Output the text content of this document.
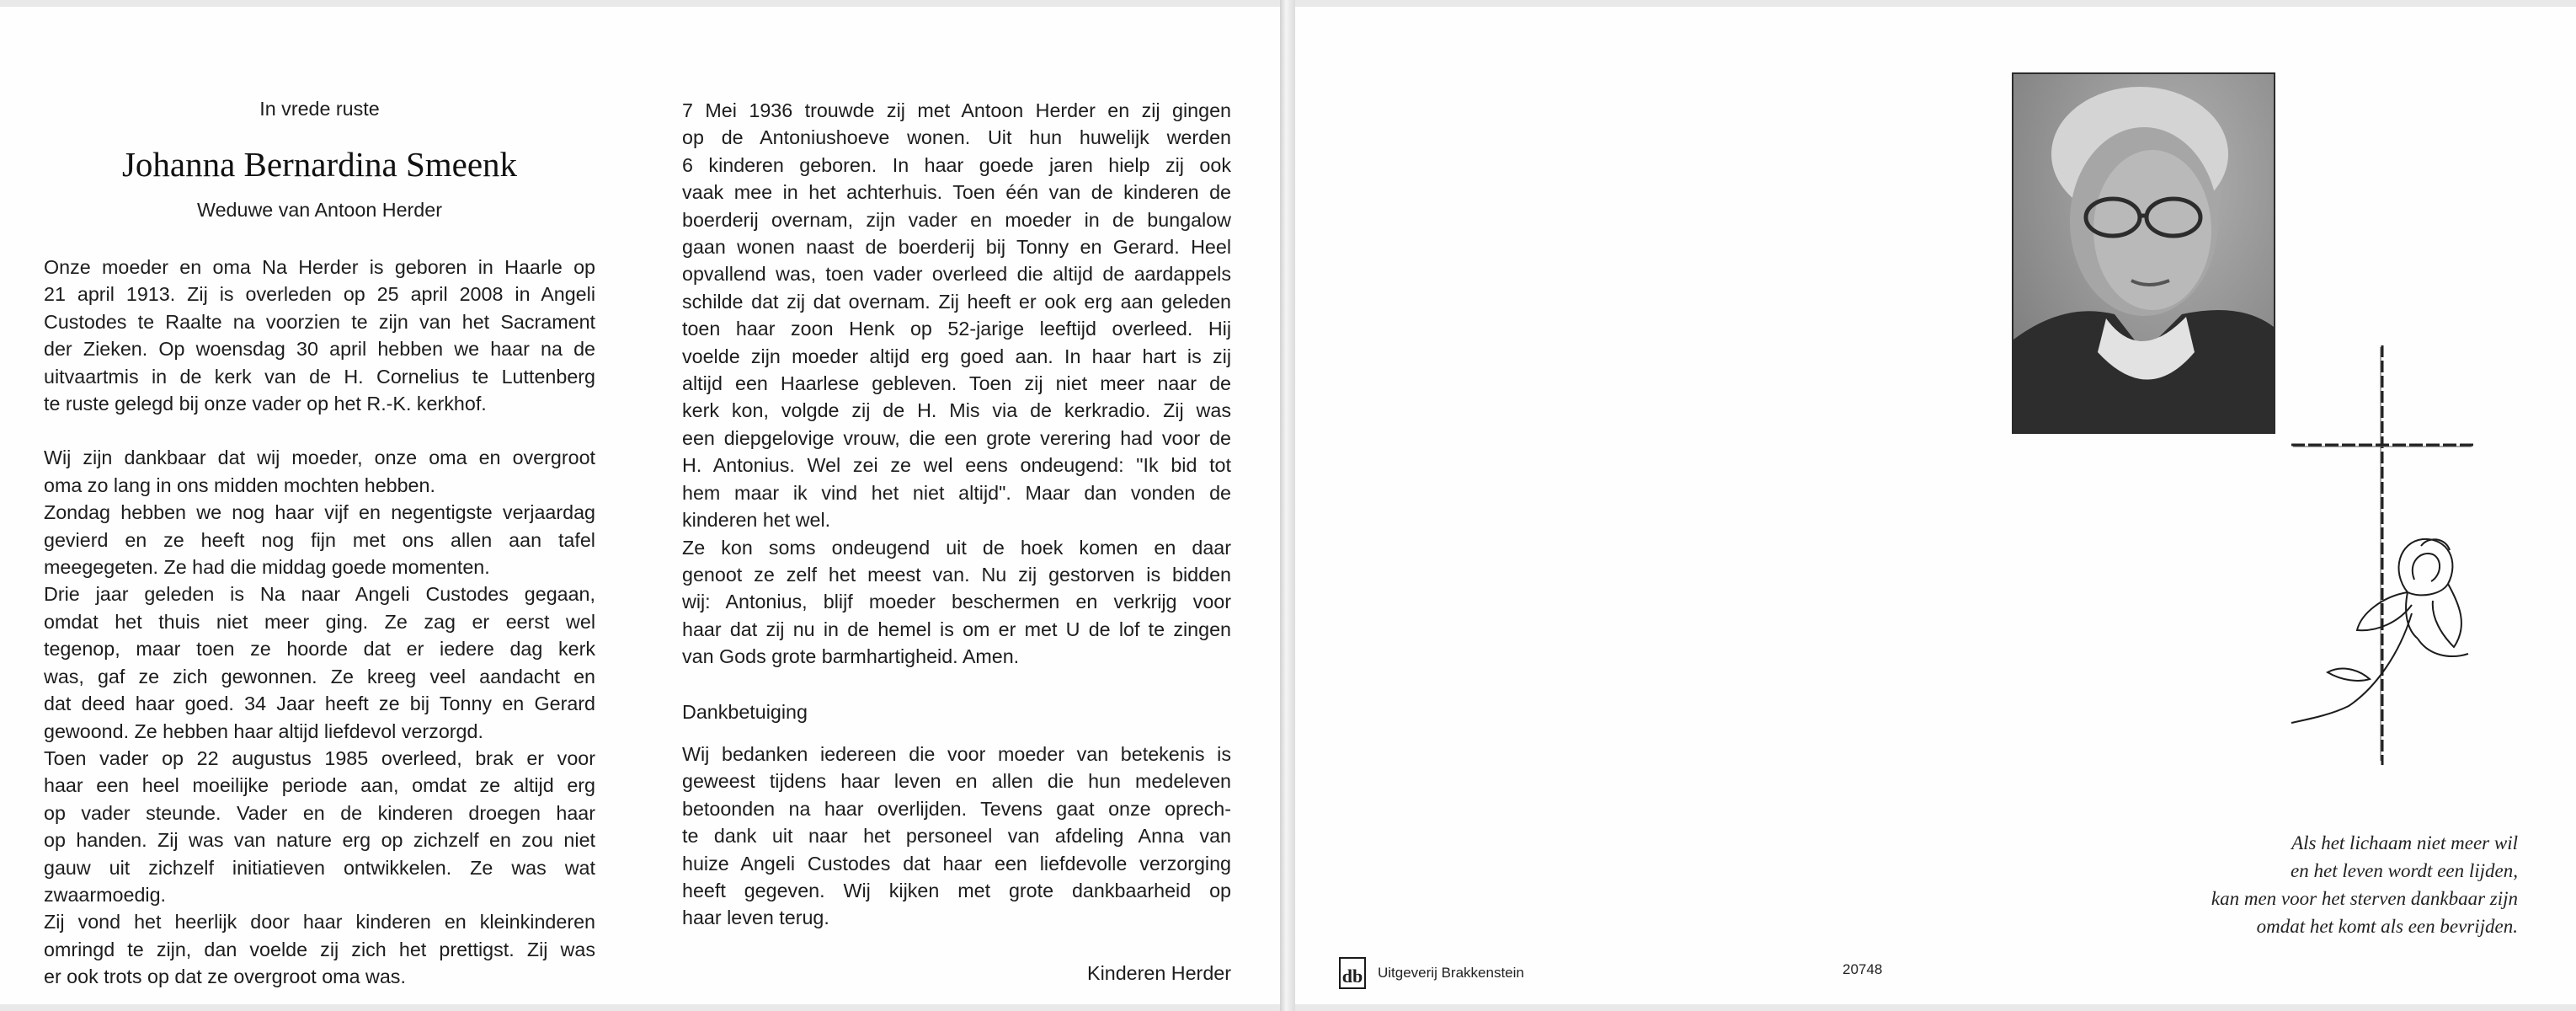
In vrede ruste
Johanna Bernardina Smeenk
Weduwe van Antoon Herder
Onze moeder en oma Na Herder is geboren in Haarle op
21 april 1913. Zij is overleden op 25 april 2008 in Angeli
Custodes te Raalte na voorzien te zijn van het Sacrament
der Zieken. Op woensdag 30 april hebben we haar na de
uitvaartmis in de kerk van de H. Cornelius te Luttenberg
te ruste gelegd bij onze vader op het R.-K. kerkhof.
Wij zijn dankbaar dat wij moeder, onze oma en overgroot
oma zo lang in ons midden mochten hebben.
Zondag hebben we nog haar vijf en negentigste verjaardag
gevierd en ze heeft nog fijn met ons allen aan tafel
meegegeten. Ze had die middag goede momenten.
Drie jaar geleden is Na naar Angeli Custodes gegaan,
omdat het thuis niet meer ging. Ze zag er eerst wel
tegenop, maar toen ze hoorde dat er iedere dag kerk
was, gaf ze zich gewonnen. Ze kreeg veel aandacht en
dat deed haar goed. 34 Jaar heeft ze bij Tonny en Gerard
gewoond. Ze hebben haar altijd liefdevol verzorgd.
Toen vader op 22 augustus 1985 overleed, brak er voor
haar een heel moeilijke periode aan, omdat ze altijd erg
op vader steunde. Vader en de kinderen droegen haar
op handen. Zij was van nature erg op zichzelf en zou niet
gauw uit zichzelf initiatieven ontwikkelen. Ze was wat
zwaarmoedig.
Zij vond het heerlijk door haar kinderen en kleinkinderen
omringd te zijn, dan voelde zij zich het prettigst. Zij was
er ook trots op dat ze overgroot oma was.
7 Mei 1936 trouwde zij met Antoon Herder en zij gingen
op de Antoniushoeve wonen. Uit hun huwelijk werden
6 kinderen geboren. In haar goede jaren hielp zij ook
vaak mee in het achterhuis. Toen één van de kinderen de
boerderij overnam, zijn vader en moeder in de bungalow
gaan wonen naast de boerderij bij Tonny en Gerard. Heel
opvallend was, toen vader overleed die altijd de aardappels
schilde dat zij dat overnam. Zij heeft er ook erg aan geleden
toen haar zoon Henk op 52-jarige leeftijd overleed. Hij
voelde zijn moeder altijd erg goed aan. In haar hart is zij
altijd een Haarlese gebleven. Toen zij niet meer naar de
kerk kon, volgde zij de H. Mis via de kerkradio. Zij was
een diepgelovige vrouw, die een grote verering had voor de
H. Antonius. Wel zei ze wel eens ondeugend: "Ik bid tot
hem maar ik vind het niet altijd". Maar dan vonden de
kinderen het wel.
Ze kon soms ondeugend uit de hoek komen en daar
genoot ze zelf het meest van. Nu zij gestorven is bidden
wij: Antonius, blijf moeder beschermen en verkrijg voor
haar dat zij nu in de hemel is om er met U de lof te zingen
van Gods grote barmhartigheid. Amen.
Dankbetuiging
Wij bedanken iedereen die voor moeder van betekenis is
geweest tijdens haar leven en allen die hun medeleven
betoonden na haar overlijden. Tevens gaat onze oprech-
te dank uit naar het personeel van afdeling Anna van
huize Angeli Custodes dat haar een liefdevolle verzorging
heeft gegeven. Wij kijken met grote dankbaarheid op
haar leven terug.
Kinderen Herder
Als het lichaam niet meer wil
en het leven wordt een lijden,
kan men voor het sterven dankbaar zijn
omdat het komt als een bevrijden.
db Uitgeverij Brakkenstein	20748
